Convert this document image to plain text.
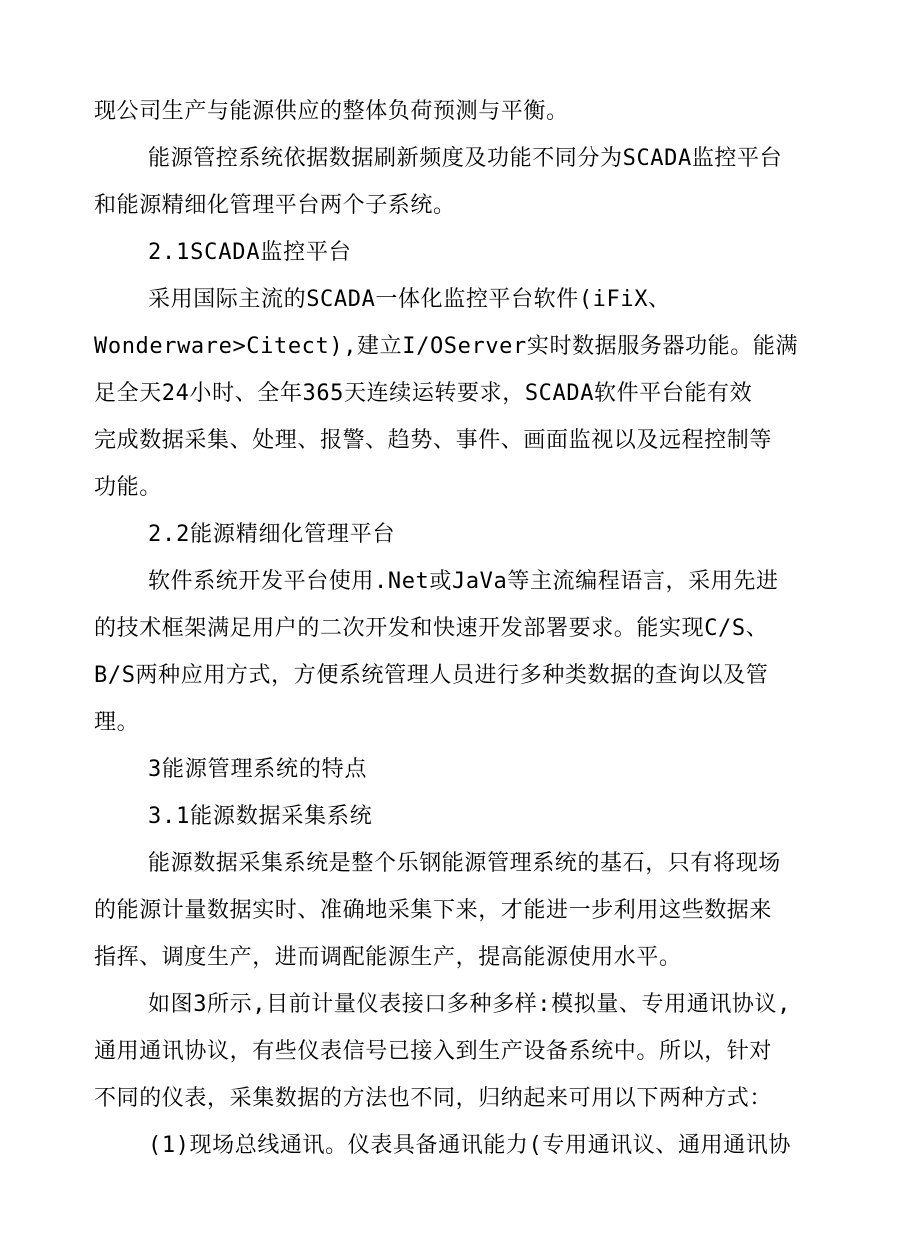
现公司生产与能源供应的整体负荷预测与平衡。
能源管控系统依据数据刷新频度及功能不同分为SCADA监控平台
和能源精细化管理平台两个子系统。
2.1SCADA监控平台
采用国际主流的SCADA一体化监控平台软件(iFiX、
Wonderware>Citect),建立I/OServer实时数据服务器功能。能满
足全天24小时、全年365天连续运转要求，SCADA软件平台能有效
完成数据采集、处理、报警、趋势、事件、画面监视以及远程控制等
功能。
2.2能源精细化管理平台
软件系统开发平台使用.Net或JaVa等主流编程语言，采用先进
的技术框架满足用户的二次开发和快速开发部署要求。能实现C/S、
B/S两种应用方式，方便系统管理人员进行多种类数据的查询以及管
理。
3能源管理系统的特点
3.1能源数据采集系统
能源数据采集系统是整个乐钢能源管理系统的基石，只有将现场
的能源计量数据实时、准确地采集下来，才能进一步利用这些数据来
指挥、调度生产，进而调配能源生产，提高能源使用水平。
如图3所示,目前计量仪表接口多种多样:模拟量、专用通讯协议,
通用通讯协议，有些仪表信号已接入到生产设备系统中。所以，针对
不同的仪表，采集数据的方法也不同，归纳起来可用以下两种方式：
(1)现场总线通讯。仪表具备通讯能力(专用通讯议、通用通讯协
